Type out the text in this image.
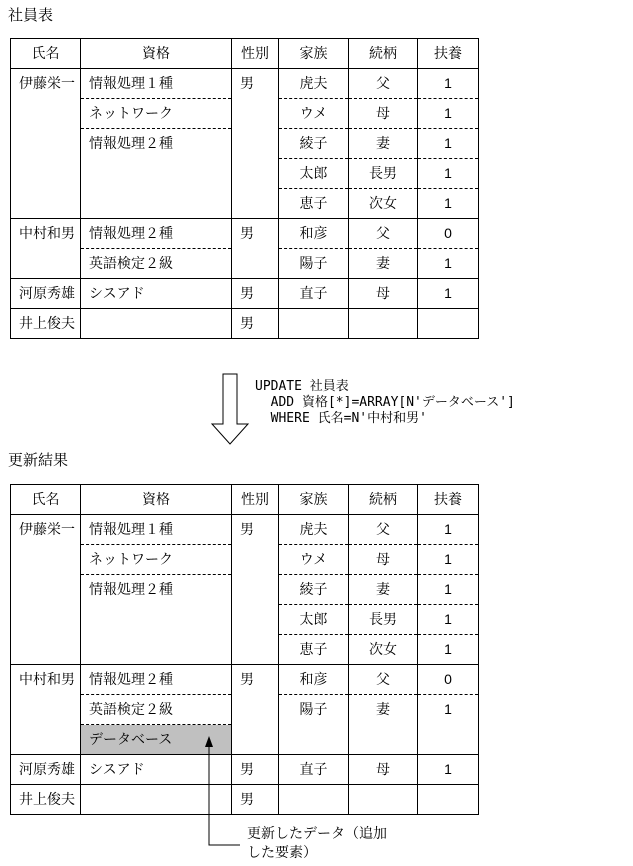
社員表
氏名	資格	性別	家族	続柄	扶養
伊藤栄一	情報処理１種	男	虎夫	父	1
	ネットワーク		ウメ	母	1
	情報処理２種		綾子	妻	1
			太郎	長男	1
			恵子	次女	1
中村和男	情報処理２種	男	和彦	父	0
	英語検定２級		陽子	妻	1
河原秀雄	シスアド	男	直子	母	1
井上俊夫		男			
UPDATE 社員表
ADD 資格[*]=ARRAY[N'データベース']
WHERE 氏名=N'中村和男'
更新結果
氏名	資格	性別	家族	続柄	扶養
伊藤栄一	情報処理１種	男	虎夫	父	1
	ネットワーク		ウメ	母	1
	情報処理２種		綾子	妻	1
			太郎	長男	1
			恵子	次女	1
中村和男	情報処理２種	男	和彦	父	0
	英語検定２級		陽子	妻	1
	データベース				
河原秀雄	シスアド	男	直子	母	1
井上俊夫		男			
更新したデータ（追加
した要素）
